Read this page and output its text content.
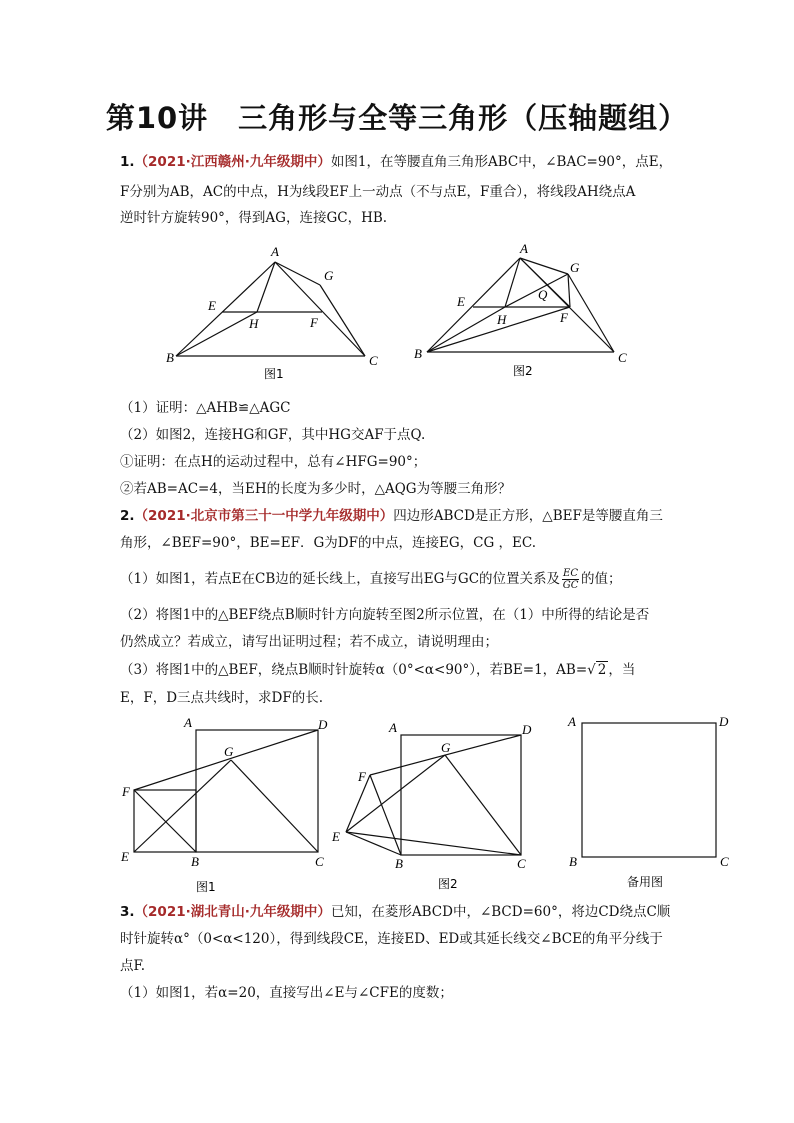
第10讲　三角形与全等三角形（压轴题组）
1.（2021·江西赣州·九年级期中）如图1，在等腰直角三角形ABC中，∠BAC=90°，点E，
F分别为AB，AC的中点，H为线段EF上一动点（不与点E，F重合），将线段AH绕点A
逆时针方旋转90°，得到AG，连接GC，HB.
A
G
E
H	F
B	C
图1
A
G
Q
E
H	F
B	C
图2
（1）证明：△AHB≌△AGC
（2）如图2，连接HG和GF，其中HG交AF于点Q.
①证明：在点H的运动过程中，总有∠HFG=90°；
②若AB=AC=4，当EH的长度为多少时，△AQG为等腰三角形？
2.（2021·北京市第三十一中学九年级期中）四边形ABCD是正方形，△BEF是等腰直角三
角形，∠BEF=90°，BE=EF．G为DF的中点，连接EG，CG ，EC.
（1）如图1，若点E在CB边的延长线上，直接写出EG与GC的位置关系及 $\frac{EC}{GC}$ 的值；
（2）将图1中的△BEF绕点B顺时针方向旋转至图2所示位置，在（1）中所得的结论是否
仍然成立？若成立，请写出证明过程；若不成立，请说明理由；
（3）将图1中的△BEF，绕点B顺时针旋转α（0°<α<90°），若BE=1，AB=√ 2 ，当
E，F，D三点共线时，求DF的长.
A	D
G
F
E	B	C
图1
A	D
G
F
E
B	C
图2
A	D
B	C
备用图
3.（2021·湖北青山·九年级期中）已知，在菱形ABCD中，∠BCD=60°，将边CD绕点C顺
时针旋转α°（0<α<120），得到线段CE，连接ED、ED或其延长线交∠BCE的角平分线于
点F.
（1）如图1，若α=20，直接写出∠E与∠CFE的度数；
